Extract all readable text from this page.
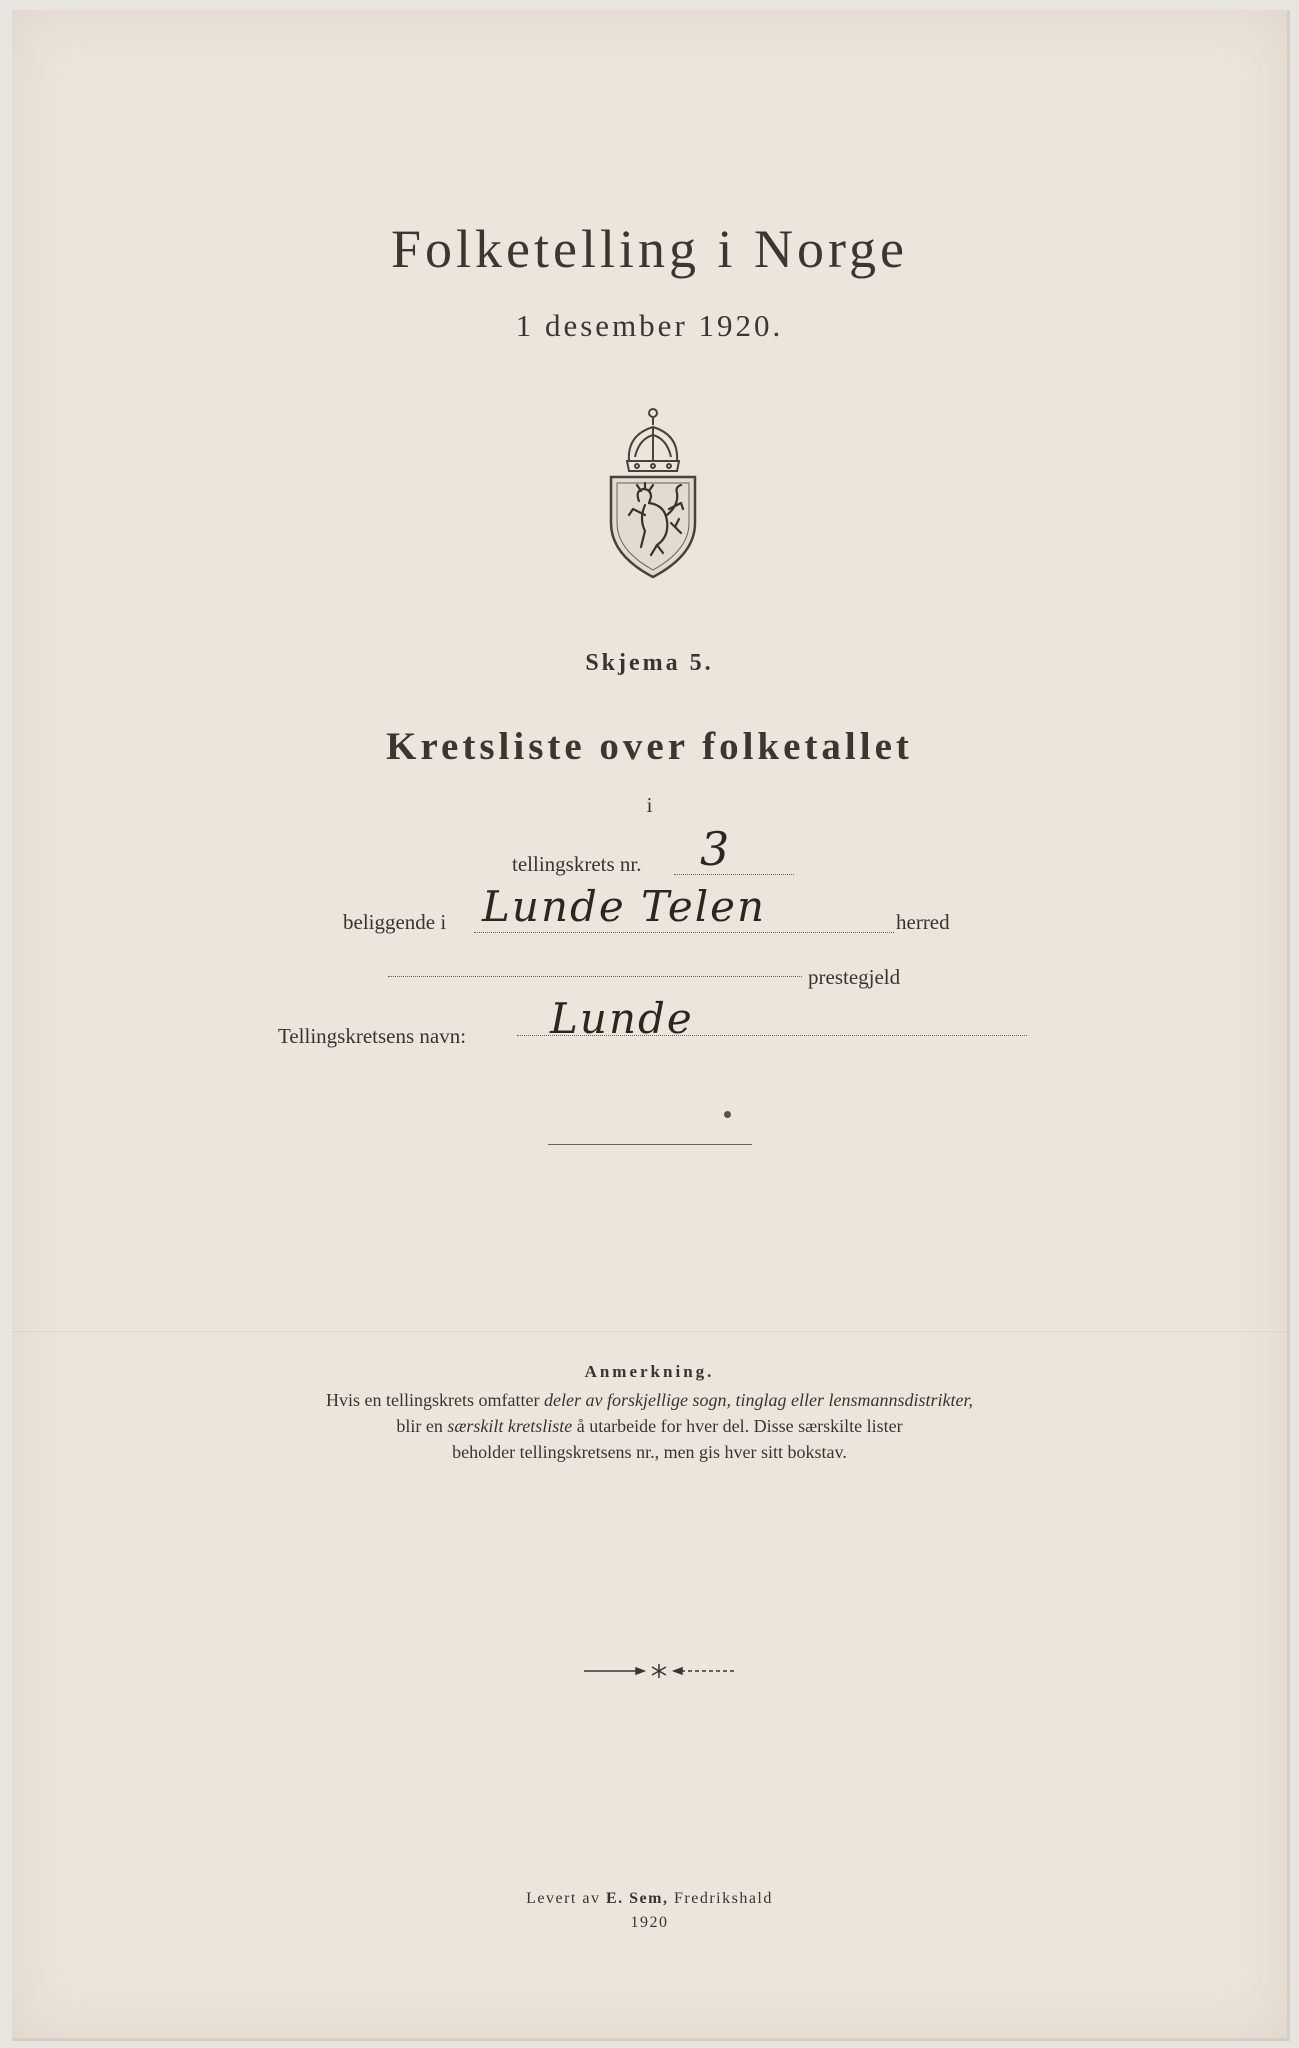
Folketelling i Norge
1 desember 1920.
Skjema 5.
Kretsliste over folketallet
i
tellingskrets nr. 3
beliggende i Lunde Telen	herred
prestegjeld
Tellingskretsens navn: Lunde
Anmerkning.
Hvis en tellingskrets omfatter deler av forskjellige sogn, tinglag eller lensmannsdistrikter,
blir en særskilt kretsliste å utarbeide for hver del. Disse særskilte lister
beholder tellingskretsens nr., men gis hver sitt bokstav.
Levert av E. Sem, Fredrikshald
1920
